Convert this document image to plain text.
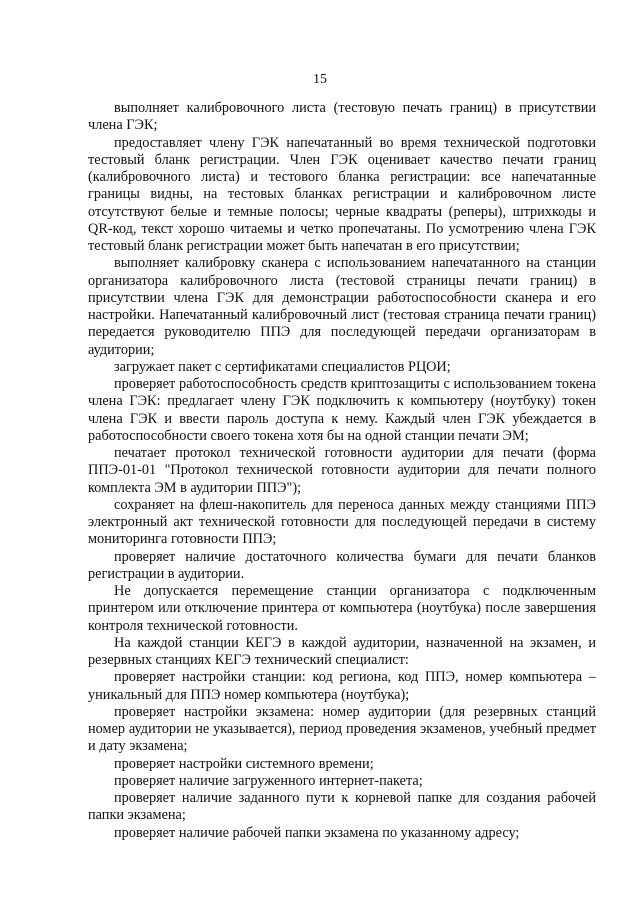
15

выполняет калибровочного листа (тестовую печать границ) в присутствии члена ГЭК;

предоставляет члену ГЭК напечатанный во время технической подготовки тестовый бланк регистрации. Член ГЭК оценивает качество печати границ (калибровочного листа) и тестового бланка регистрации: все напечатанные границы видны, на тестовых бланках регистрации и калибровочном листе отсутствуют белые и темные полосы; черные квадраты (реперы), штрихкоды и QR-код, текст хорошо читаемы и четко пропечатаны. По усмотрению члена ГЭК тестовый бланк регистрации может быть напечатан в его присутствии;

выполняет калибровку сканера с использованием напечатанного на станции организатора калибровочного листа (тестовой страницы печати границ) в присутствии члена ГЭК для демонстрации работоспособности сканера и его настройки. Напечатанный калибровочный лист (тестовая страница печати границ) передается руководителю ППЭ для последующей передачи организаторам в аудитории;

загружает пакет с сертификатами специалистов РЦОИ;

проверяет работоспособность средств криптозащиты с использованием токена члена ГЭК: предлагает члену ГЭК подключить к компьютеру (ноутбуку) токен члена ГЭК и ввести пароль доступа к нему. Каждый член ГЭК убеждается в работоспособности своего токена хотя бы на одной станции печати ЭМ;

печатает протокол технической готовности аудитории для печати (форма ППЭ-01-01 "Протокол технической готовности аудитории для печати полного комплекта ЭМ в аудитории ППЭ");

сохраняет на флеш-накопитель для переноса данных между станциями ППЭ электронный акт технической готовности для последующей передачи в систему мониторинга готовности ППЭ;

проверяет наличие достаточного количества бумаги для печати бланков регистрации в аудитории.

Не допускается перемещение станции организатора с подключенным принтером или отключение принтера от компьютера (ноутбука) после завершения контроля технической готовности.

На каждой станции КЕГЭ в каждой аудитории, назначенной на экзамен, и резервных станциях КЕГЭ технический специалист:

проверяет настройки станции: код региона, код ППЭ, номер компьютера – уникальный для ППЭ номер компьютера (ноутбука);

проверяет настройки экзамена: номер аудитории (для резервных станций номер аудитории не указывается), период проведения экзаменов, учебный предмет и дату экзамена;

проверяет настройки системного времени;

проверяет наличие загруженного интернет-пакета;

проверяет наличие заданного пути к корневой папке для создания рабочей папки экзамена;

проверяет наличие рабочей папки экзамена по указанному адресу;
